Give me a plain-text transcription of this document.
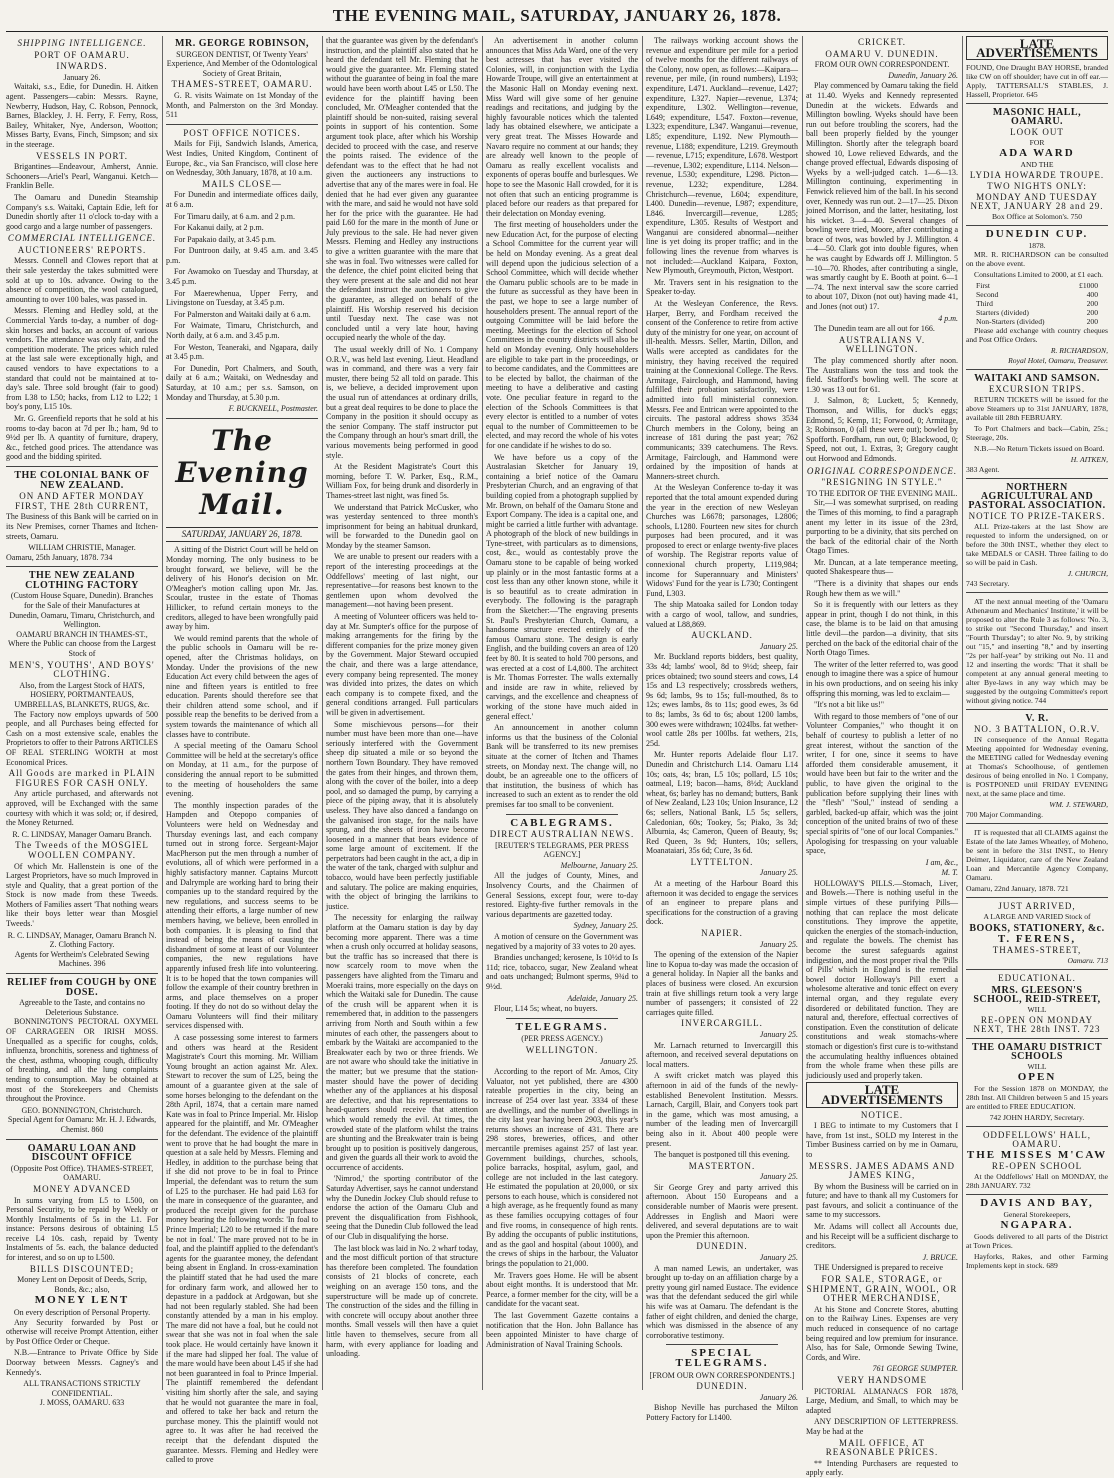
THE EVENING MAIL, SATURDAY, JANUARY 26, 1878.
SHIPPING INTELLIGENCE.
PORT OF OAMARU.
INWARDS.
January 26.

Waitaki, s.s., Edie, for Dunedin. H. Aitken agent. Passengers—cabin: Messrs. Rayne, Newberry, Hudson, Hay, C. Robson, Pennock, Barnes, Blackley, J. H. Ferry, F. Ferry, Ross, Bailey, Whitaker, Nye, Anderson, Wootton; Misses Barty, Evans, Finch, Simpson; and six in the steerage.

VESSELS IN PORT.

Brigantines—Endeavour, Amherst, Annie. Schooners—Ariel's Pearl, Wanganui. Ketch—Franklin Belle.

The Oamaru and Dunedin Steamship Company's s.s. Waitaki, Captain Edie, left for Dunedin shortly after 11 o'clock to-day with a good cargo and a large number of passengers.

COMMERCIAL INTELLIGENCE.
AUCTIONEERS' REPORTS.

Messrs. Connell and Clowes report that at their sale yesterday the takes submitted were sold at up to 10s. advance. Owing to the absence of competition, the wool catalogued, amounting to over 100 bales, was passed in.

Messrs. Fleming and Hedley sold, at the Commercial Yards to-day, a number of dog-skin horses and backs, an account of various vendors. The attendance was only fair, and the competition moderate. The prices which ruled at the last sale were exceptionally high, and caused vendors to have expectations to a standard that could not be maintained at to-day's sale. Three sold brought (fair to good) from L38 to L50; hacks, from L12 to L22; 1 boy's pony, L15 10s.

Mr. G. Greenfield reports that he sold at his rooms to-day bacon at 7d per lb.; ham, 9d to 9½d per lb. A quantity of furniture, drapery, &c., fetched good prices. The attendance was good and the bidding spirited.

THE COLONIAL BANK OF NEW ZEALAND.
ON AND AFTER MONDAY FIRST, THE 28th CURRENT,

The Business of this Bank will be carried on in its New Premises, corner Thames and Itchen-streets, Oamaru.

WILLIAM CHRISTIE, Manager.
Oamaru, 25th January, 1878. 734
THE NEW ZEALAND CLOTHING FACTORY
(Custom House Square, Dunedin). Branches for the Sale of their Manufactures at
Dunedin, Oamaru, Timaru, Christchurch, and Wellington.
OAMARU BRANCH IN THAMES-ST., Where the Public can choose from the Largest Stock of
MEN'S, YOUTHS', AND BOYS' CLOTHING.
Also, from the Largest Stock of HATS, HOSIERY, PORTMANTEAUS, UMBRELLAS, BLANKETS, RUGS, &c.

The Factory now employs upwards of 500 people, and all Purchases being effected for Cash on a most extensive scale, enables the Proprietors to offer to their Patrons ARTICLES OF REAL STERLING WORTH at most Economical Prices.

All Goods are marked in PLAIN FIGURES FOR CASH ONLY.

Any article purchased, and afterwards not approved, will be Exchanged with the same courtesy with which it was sold; or, if desired, the Money Returned.

R. C. LINDSAY, Manager Oamaru Branch.
The Tweeds of the MOSGIEL WOOLLEN COMPANY.

Of which Mr. Hallenstein is one of the Largest Proprietors, have so much Improved in style and Quality, that a great portion of the Stock is now made from these Tweeds. Mothers of Families assert 'That nothing wears like their boys letter wear than Mosgiel Tweeds.'

R. C. LINDSAY, Manager, Oamaru Branch N. Z. Clothing Factory.
Agents for Wertheim's Celebrated Sewing Machines. 396
RELIEF from COUGH by ONE DOSE.
Agreeable to the Taste, and contains no Deleterious Substance.

BONNINGTON'S PECTORAL OXYMEL OF CARRAGEEN OR IRISH MOSS. Unequalled as a specific for coughs, colds, influenza, bronchitis, soreness and tightness of the chest, asthma, whooping cough, difficulty of breathing, and all the lung complaints tending to consumption. May be obtained at most of the Storekeepers and Chemists throughout the Province.

GEO. BONNINGTON, Christchurch.
Special Agent for Oamaru: Mr. H. J. Edwards, Chemist. 860
OAMARU LOAN AND DISCOUNT OFFICE
(Opposite Post Office). THAMES-STREET, OAMARU.
MONEY ADVANCED

In sums varying from L5 to L500, on Personal Security, to be repaid by Weekly or Monthly Instalments of 5s in the L1. For instance: Persons desirous of obtaining L5 receive L4 10s. cash, repaid by Twenty Instalments of 5s. each, the balance deducted for interest, and so on up to L500.

BILLS DISCOUNTED;
Money Lent on Deposit of Deeds, Scrip, Bonds, &c.; also,
MONEY LENT
On every description of Personal Property.

Any Security forwarded by Post or otherwise will receive Prompt Attention, either by Post Office Order or Cheque.

N.B.—Entrance to Private Office by Side Doorway between Messrs. Cagney's and Kennedy's.

ALL TRANSACTIONS STRICTLY CONFIDENTIAL.
J. MOSS, OAMARU. 633
MR. GEORGE ROBINSON,
SURGEON DENTIST, Of Twenty Years' Experience, And Member of the Odontological Society of Great Britain,
THAMES-STREET, OAMARU.

G. R. visits Waimate on 1st Monday of the Month, and Palmerston on the 3rd Monday. 511

POST OFFICE NOTICES.

Mails for Fiji, Sandwich Islands, America, West Indies, United Kingdom, Continent of Europe, &c., via San Francisco, will close here on Wednesday, 30th January, 1878, at 10 a.m.

MAILS CLOSE—

For Dunedin and intermediate offices daily, at 6 a.m.

For Timaru daily, at 6 a.m. and 2 p.m.

For Kakanui daily, at 2 p.m.

For Papakaio daily, at 3.45 p.m.

For Duntroon daily, at 9.45 a.m. and 3.45 p.m.

For Awamoko on Tuesday and Thursday, at 3.45 p.m.

For Maerewhenua, Upper Ferry, and Livingstone on Tuesday, at 3.45 p.m.

For Palmerston and Waitaki daily at 6 a.m.

For Waimate, Timaru, Christchurch, and North daily, at 6 a.m. and 3.45 p.m.

For Weston, Teaneraki, and Ngapara, daily at 3.45 p.m.

For Dunedin, Port Chalmers, and South, daily at 6 a.m.; Waitaki, on Wednesday and Saturday, at 10 a.m.; per s.s. Samson, on Monday and Thursday, at 5.30 p.m.

F. BUCKNELL, Postmaster.
The Evening Mail.
SATURDAY, JANUARY 26, 1878.

A sitting of the District Court will be held on Monday morning. The only business to be brought forward, we believe, will be the delivery of his Honor's decision on Mr. O'Meagher's motion calling upon Mr. Jas. Scoular, trustee in the estate of Thomas Hillicker, to refund certain moneys to the creditors, alleged to have been wrongfully paid away by him.

We would remind parents that the whole of the public schools in Oamaru will be re-opened, after the Christmas holidays, on Monday. Under the provisions of the new Education Act every child between the ages of nine and fifteen years is entitled to free education. Parents should therefore see that their children attend some school, and if possible reap the benefits to be derived from a system towards the maintenance of which all classes have to contribute.

A special meeting of the Oamaru School Committee will be held at the secretary's office on Monday, at 11 a.m., for the purpose of considering the annual report to be submitted to the meeting of householders the same evening.

The monthly inspection parades of the Hampden and Otepopo companies of Volunteers were held on Wednesday and Thursday evenings last, and each company turned out in strong force. Sergeant-Major MacPherson put the men through a number of evolutions, all of which were performed in a highly satisfactory manner. Captains Murcott and Dalrymple are working hard to bring their companies up to the standard required by the new regulations, and success seems to be attending their efforts, a large number of new members having, we believe, been enrolled in both companies. It is pleasing to find that instead of being the means of causing the disbandment of some at least of our Volunteer companies, the new regulations have apparently infused fresh life into volunteering. It is to be hoped that the town companies will follow the example of their country brethren in arms, and place themselves on a proper footing. If they do not do so without delay the Oamaru Volunteers will find their military services dispensed with.

A case possessing some interest to farmers and others was heard at the Resident Magistrate's Court this morning. Mr. William Young brought an action against Mr. Alex. Stewart to recover the sum of L25, being the amount of a guarantee given at the sale of some horses belonging to the defendant on the 28th April, 1874, that a certain mare named Kate was in foal to Prince Imperial. Mr. Hislop appeared for the plaintiff, and Mr. O'Meagher for the defendant. The evidence of the plaintiff went to prove that he had bought the mare in question at a sale held by Messrs. Fleming and Hedley, in addition to the purchase being that if she did not prove to be in foal to Prince Imperial, the defendant was to return the sum of L25 to the purchaser. He had paid L63 for the mare in consequence of the guarantee, and produced the receipt given for the purchase money bearing the following words: 'In foal to Prince Imperial; L20 to be returned if the mare be not in foal.' The mare proved not to be in foal, and the plaintiff applied to the defendant's agents for the guarantee money, the defendant being absent in England. In cross-examination the plaintiff stated that he had used the mare for ordinary farm work, and allowed her to depasture in a paddock at Ardgowan, but she had not been regularly stabled. She had been constantly attended by a man in his employ. The mare did not have a foal, but he could not swear that she was not in foal when the sale took place. He would certainly have known it if the mare had slipped her foal. The value of the mare would have been about L45 if she had not been guaranteed in foal to Prince Imperial. The plaintiff remembered the defendant visiting him shortly after the sale, and saying that he would not guarantee the mare in foal, and offered to take her back and return the purchase money. This the plaintiff would not agree to. It was after he had received the receipt that the defendant disputed the guarantee. Messrs. Fleming and Hedley were called to prove

that the guarantee was given by the defendant's instruction, and the plaintiff also stated that he heard the defendant tell Mr. Fleming that he would give the guarantee. Mr. Fleming stated without the guarantee of being in foal the mare would have been worth about L45 or L50. The evidence for the plaintiff having been concluded, Mr. O'Meagher contended that the plaintiff should be non-suited, raising several points in support of his contention. Some argument took place, after which his Worship decided to proceed with the case, and reserve the points raised. The evidence of the defendant was to the effect that he had not given the auctioneers any instructions to advertise that any of the mares were in foal. He denied that he had ever given any guarantee with the mare, and said he would not have sold her for the price with the guarantee. He had paid L60 for the mare in the month of June or July previous to the sale. He had never given Messrs. Fleming and Hedley any instructions to give a written guarantee with the mare that she was in foal. Two witnesses were called for the defence, the chief point elicited being that they were present at the sale and did not hear the defendant instruct the auctioneers to give the guarantee, as alleged on behalf of the plaintiff. His Worship reserved his decision until Tuesday next. The case was not concluded until a very late hour, having occupied nearly the whole of the day.

The usual weekly drill of No. 1 Company O.R.V., was held last evening. Lieut. Headland was in command, and there was a very fair muster, there being 52 all told on parade. This is, we believe, a decided improvement upon the usual run of attendances at ordinary drills, but a great deal requires to be done to place the Company in the position it should occupy as the senior Company. The staff instructor put the Company through an hour's smart drill, the various movements being performed in good style.

At the Resident Magistrate's Court this morning, before T. W. Parker, Esq., R.M., William Fox, for being drunk and disorderly in Thames-street last night, was fined 5s.

We understand that Patrick McCusker, who was yesterday sentenced to three month's imprisonment for being an habitual drunkard, will be forwarded to the Dunedin gaol on Monday by the steamer Samson.

We are unable to present our readers with a report of the interesting proceedings at the Oddfellows' meeting of last night, our representative—for reasons best known to the gentlemen upon whom devolved the management—not having been present.

A meeting of Volunteer officers was held to-day at Mr. Sumpter's office for the purpose of making arrangements for the firing by the different companies for the prize money given by the Government. Major Steward occupied the chair, and there was a large attendance, every company being represented. The money was divided into prizes, the dates on which each company is to compete fixed, and the general conditions arranged. Full particulars will be given in advertisement.

Some mischievous persons—for their number must have been more than one—have seriously interfered with the Government sheep dip situated a mile or so beyond the northern Town Boundary. They have removed the gates from their hinges, and thrown them, along with the cover of the boiler, into a deep pool, and so damaged the pump, by carrying a piece of the piping away, that it is absolutely useless. They have also danced a fandango on the galvanised iron stage, for the nails have sprung, and the sheets of iron have become loosened in a manner that bears evidence of some large amount of excitement. If the perpetrators had been caught in the act, a dip in the water of the tank, charged with sulphur and tobacco, would have been perfectly justifiable and salutary. The police are making enquiries, with the object of bringing the larrikins to justice.

The necessity for enlarging the railway platform at the Oamaru station is day by day becoming more apparent. There was a time when a crush only occurred at holiday seasons, but the traffic has so increased that there is now scarcely room to move when the passengers have alighted from the Timaru and Moeraki trains, more especially on the days on which the Waitaki sale for Dunedin. The cause of the crush will be apparent when it is remembered that, in addition to the passengers arriving from North and South within a few minutes of each other, the passengers about to embark by the Waitaki are accompanied to the Breakwater each by two or three friends. We are not aware who should take the initiative in the matter; but we presume that the station-master should have the power of deciding whether any of the appliances at his disposal are defective, and that his representations to head-quarters should receive that attention which would remedy the evil. At times, the crowded state of the platform whilst the trains are shunting and the Breakwater train is being brought up to position is positively dangerous, and given the guards all their work to avoid the occurrence of accidents.

'Nimrod,' the sporting contributor of the Saturday Advertiser, says he cannot understand why the Dunedin Jockey Club should refuse to endorse the action of the Oamaru Club and prevent the disqualification from Fishhook, seeing that the Dunedin Club followed the lead of our Club in disqualifying the horse.

The last block was laid in No. 2 wharf today, and the most difficult portion of that structure has therefore been completed. The foundation consists of 21 blocks of concrete, each weighing on an average 150 tons, and the superstructure will be made up of concrete. The construction of the sides and the filling in with concrete will occupy about another three months. Small vessels will then have a quiet little haven to themselves, secure from all harm, with every appliance for loading and unloading.

An advertisement in another column announces that Miss Ada Ward, one of the very best actresses that has ever visited the Colonies, will, in conjunction with the Lydia Howarde Troupe, will give an entertainment at the Masonic Hall on Monday evening next. Miss Ward will give some of her genuine readings and recitations, and judging by the highly favourable notices which the talented lady has obtained elsewhere, we anticipate a very great treat. The Misses Howarde and Navaro require no comment at our hands; they are already well known to the people of Oamaru as really excellent vocalists and exponents of operas bouffe and burlesques. We hope to see the Masonic Hall crowded, for it is not often that such an enticing programme is placed before our readers as that prepared for their delectation on Monday evening.

The first meeting of householders under the new Education Act, for the purpose of electing a School Committee for the current year will be held on Monday evening. As a great deal will depend upon the judicious selection of a School Committee, which will decide whether the Oamaru public schools are to be made in the future as successful as they have been in the past, we hope to see a large number of householders present. The annual report of the outgoing Committee will be laid before the meeting. Meetings for the election of School Committees in the country districts will also be held on Monday evening. Only householders are eligible to take part in the proceedings, or to become candidates, and the Committees are to be elected by ballot, the chairman of the meeting to have a deliberative and casting vote. One peculiar feature in regard to the election of the Schools Committees is that every elector is entitled to a number of votes equal to the number of Committeemen to be elected, and may record the whole of his votes for one candidate if he wishes to do so.

We have before us a copy of the Australasian Sketcher for January 19, containing a brief notice of the Oamaru Presbyterian Church, and an engraving of that building copied from a photograph supplied by Mr. Brown, on behalf of the Oamaru Stone and Export Company. The idea is a capital one, and might be carried a little further with advantage. A photograph of the block of new buildings in Tyne-street, with particulars as to dimensions, cost, &c., would as contestably prove the Oamaru stone to be capable of being worked up plainly or in the most fantastic forms at a cost less than any other known stone, while it is so beautiful as to create admiration in everybody. The following is the paragraph from the Sketcher:—'The engraving presents St. Paul's Presbyterian Church, Oamaru, a handsome structure erected entirely of the famous Oamaru stone. The design is early English, and the building covers an area of 120 feet by 80. It is seated to hold 700 persons, and was erected at a cost of L4,800. The architect is Mr. Thomas Forrester. The walls externally and inside are raw in white, relieved by carvings, and the excellence and cheapness of working of the stone have much aided in general effect.'

An announcement in another column informs us that the business of the Colonial Bank will be transferred to its new premises situate at the corner of Itchen and Thames streets, on Monday next. The change will, no doubt, be an agreeable one to the officers of that institution, the business of which has increased to such an extent as to render the old premises far too small to be convenient.

CABLEGRAMS.
DIRECT AUSTRALIAN NEWS.
[REUTER'S TELEGRAMS, PER PRESS AGENCY.]
Melbourne, January 25.

All the judges of County, Mines, and Insolvency Courts, and the Chairmen of General Sessions, except four, were to-day restored. Eighty-five further removals in the various departments are gazetted today.

Sydney, January 25.

A motion of censure on the Government was negatived by a majority of 33 votes to 20 ayes.

Brandies unchanged; kerosene, Is 10½d to Is 11d; rice, tobacco, sugar, New Zealand wheat and oats unchanged; Bulmont sperms, 9¾d to 9½d.

Adelaide, January 25.

Flour, L14 5s; wheat, no buyers.

TELEGRAMS.
(PER PRESS AGENCY.)
WELLINGTON.
January 25.

According to the report of Mr. Amos, City Valuator, not yet published, there are 4300 rateable properties in the city, being an increase of 254 over last year. 3334 of these are dwellings, and the number of dwellings in the city last year having been 2903, this year's returns shows an increase of 431. There are 298 stores, breweries, offices, and other mercantile premises against 257 of last year. Government buildings, churches, schools, police barracks, hospital, asylum, gaol, and college are not included in the last category. He estimated the population at 20,000, or six persons to each house, which is considered not a high average, as he frequently found as many as these families occupying cottages of four and five rooms, in consequence of high rents. By adding the occupants of public institutions, and as the gaol and hospital (about 1000), and the crews of ships in the harbour, the Valuator brings the population to 21,000.

Mr. Travers goes Home. He will be absent about eight months. It is understood that Mr. Pearce, a former member for the city, will be a candidate for the vacant seat.

The last Government Gazette contains a notification that the Hon. John Ballance has been appointed Minister to have charge of Administration of Naval Training Schools.

The railways working account shows the revenue and expenditure per mile for a period of twelve months for the different railways of the Colony, now open, as follows:—Kaipara—revenue, per mile, (in round numbers), L193; expenditure, L471. Auckland—revenue, L427; expenditure, L327. Napier—revenue, L374; expenditure, L302. Wellington—revenue, L649; expenditure, L547. Foxton—revenue, L323; expenditure, L347. Wanganui—revenue, L85; expenditure, L192. New Plymouth—revenue, L188; expenditure, L219. Greymouth — revenue, L715; expenditure, L678. Westport—revenue, L302; expenditure, L114. Nelson—revenue, L530; expenditure, L298. Picton—revenue, L232; expenditure, L284. Christchurch—revenue, L604; expenditure, L400. Dunedin—revenue, L987; expenditure, L846. Invercargill—revenue, L285; expenditure, L305. Results of Westport and Wanganui are considered abnormal—neither line is yet doing its proper traffic; and in the following lines the revenue from wharves is not included:—Auckland Kaipara, Foxton, New Plymouth, Greymouth, Picton, Westport.

Mr. Travers sent in his resignation to the Speaker to-day.

At the Wesleyan Conference, the Revs. Harper, Berry, and Fordham received the consent of the Conference to retire from active duty of the ministry for one year, on account of ill-health. Messrs. Seller, Martin, Dillon, and Walls were accepted as candidates for the ministry, they having received the required training at the Connexional College. The Revs. Armitage, Fairclough, and Hammond, having fulfilled their probation satisfactorily, were admitted into full ministerial connexion. Messrs. Fee and Entrican were appointed to the circuits. The pastoral address shows 3534 Church members in the Colony, being an increase of 181 during the past year; 762 communicants; 339 catechumens. The Revs. Armitage, Fairclough, and Hammond were ordained by the imposition of hands at Manners-street church.

At the Wesleyan Conference to-day it was reported that the total amount expended during the year in the erection of new Wesleyan Churches was L6678; parsonages, L2806; schools, L1280. Fourteen new sites for church purposes had been procured, and it was proposed to erect or enlarge twenty-five places of worship. The Registrar reports value of connexional church property, L119,984; income for Superannuary and Ministers' Widows' Fund for the year is L730; Contingent Fund, L303.

The ship Matoaka sailed for London today with a cargo of wool, tallow, and sundries, valued at L88,869.

AUCKLAND.
January 25.

Mr. Buckland reports bidders, best quality, 33s 4d; lambs' wool, 8d to 9½d; sheep, fair prices obtained; two sound steers and cows, L4 15s and L3 respectively; crossbreds wethers, 9s 6d; lambs, 9s to 15s; full-mouthed, 8s to 12s; ewes lambs, 8s to 11s; good ewes, 3s 6d to 8s; lambs, 3s 6d to 6s; about 1200 lambs, 300 ewes were withdrawn; 1024lbs. fat wether-wool cattle 28s per 100lbs. fat wethers, 21s, 25d.

Mr. Hunter reports Adelaide flour L17. Dunedin and Christchurch L14. Oamaru L14 10s; oats, 4s; bran, L5 10s; pollard, L5 10s; oatmeal, L19; bacon—hams, 8½d; Auckland wheat, 6s; barley has no demand; butters, Bank of New Zealand, L23 10s; Union Insurance, L2 6s; sellers, National Bank, L5 5s; sellers, Caledonian, 60s; Tookey, 5s; Piako, 3s 3d; Alburnia, 4s; Cameron, Queen of Beauty, 9s; Red Queen, 3s 9d; Hunters, 10s; sellers, Moanataiari, 35s 6d; Cure, 3s 6d.

LYTTELTON.
January 25.

At a meeting of the Harbour Board this afternoon it was decided to engage the services of an engineer to prepare plans and specifications for the construction of a graving dock.

NAPIER.
January 25.

The opening of the extension of the Napier line to Kopua to-day was made the occasion of a general holiday. In Napier all the banks and places of business were closed. An excursion train at five shillings return took a very large number of passengers; it consisted of 22 carriages quite filled.

INVERCARGILL.
January 25.

Mr. Larnach returned to Invercargill this afternoon, and received several deputations on local matters.

A swift cricket match was played this afternoon in aid of the funds of the newly-established Benevolent Institution. Messrs. Larnach, Cargill, Blair, and Conyers took part in the game, which was most amusing, a number of the leading men of Invercargill being also in it. About 400 people were present.

The banquet is postponed till this evening.

MASTERTON.
January 25.

Sir George Grey and party arrived this afternoon. About 150 Europeans and a considerable number of Maoris were present. Addresses in English and Maori were delivered, and several deputations are to wait upon the Premier this afternoon.

DUNEDIN.
January 25.

A man named Lewis, an undertaker, was brought up to-day on an affiliation charge by a pretty young girl named Eustace. The evidence was that the defendant seduced the girl while his wife was at Oamaru. The defendant is the father of eight children, and denied the charge, which was dismissed in the absence of any corroborative testimony.

SPECIAL TELEGRAMS.
[FROM OUR OWN CORRESPONDENTS.]
DUNEDIN.
January 26.

Bishop Neville has purchased the Milton Pottery Factory for L1400.

LATE ADVERTISEMENTS

FOUND, One Draught BAY HORSE, branded like CW on off shoulder; have cut in off ear.—Apply, TATTERSALL'S STABLES, J. Hassell, Proprietor. 645

MASONIC HALL, OAMARU.
LOOK OUT
FOR
ADA WARD
AND THE
LYDIA HOWARDE TROUPE.
TWO NIGHTS ONLY:
MONDAY AND TUESDAY NEXT, JANUARY 28 and 29.
Box Office at Solomon's. 750
DUNEDIN CUP.
1878.

MR. R. RICHARDSON can be consulted on the above event.

Consultations Limited to 2000, at £1 each.

First	£1000
Second	400
Third	200
Starters (divided)	200
Non-Starters (divided)	200

Please add exchange with country cheques and Post Office Orders.

R. RICHARDSON,
Royal Hotel, Oamaru, Treasurer.
WAITAKI AND SAMSON.
EXCURSION TRIPS.

RETURN TICKETS will be issued for the above Steamers up to 31st JANUARY, 1878, available till 28th FEBRUARY.

To Port Chalmers and back—Cabin, 25s.; Steerage, 20s.

N.B.—No Return Tickets issued on Board.

H. AITKEN,
383 Agent.
NORTHERN AGRICULTURAL AND PASTORAL ASSOCIATION.
NOTICE TO PRIZE-TAKERS.

ALL Prize-takers at the last Show are requested to inform the undersigned, on or before the 30th INST., whether they elect to take MEDALS or CASH. Three failing to do so will be paid in Cash.

J. CHURCH,
743 Secretary.

AT the next annual meeting of the 'Oamaru Athenæum and Mechanics' Institute,' it will be proposed to alter the Rule 3 as follows: 'No. 3, to strike out "Second Thursday," and insert "Fourth Thursday"; to alter No. 9, by striking out "15," and inserting "8," and by inserting "2s per half-year" by striking out No. 11 and 12 and inserting the words: 'That it shall be competent at any annual general meeting to alter Bye-laws in any way which may be suggested by the outgoing Committee's report without giving notice. 744

V. R.
NO. 3 BATTALION, O.R.V.

IN consequence of the Annual Regatta Meeting appointed for Wednesday evening, the MEETING called for Wednesday evening at Thomas's Schoolhouse, of gentlemen desirous of being enrolled in No. 1 Company, is POSTPONED until FRIDAY EVENING next, at the same place and time.

WM. J. STEWARD,
700 Major Commanding.

IT is requested that all CLAIMS against the Estate of the late James Wheatley, of Moheno, be sent in before the 31st INST., to Henry Deimer, Liquidator, care of the New Zealand Loan and Mercantile Agency Company, Oamaru.

Oamaru, 22nd January, 1878. 721
JUST ARRIVED,
A LARGE AND VARIED Stock of
BOOKS, STATIONERY, &c.
T. FERENS,
THAMES-STREET,
Oamaru. 713
EDUCATIONAL.
MRS. GLEESON'S SCHOOL, REID-STREET,
WILL
RE-OPEN ON MONDAY NEXT, THE 28th INST. 723
THE OAMARU DISTRICT SCHOOLS
WILL
OPEN

For the Session 1878 on MONDAY, the 28th Inst. All Children between 5 and 15 years are entitled to FREE EDUCATION.

742 JOHN HARDY, Secretary.
ODDFELLOWS' HALL, OAMARU.
THE MISSES M'CAW
RE-OPEN SCHOOL

At the Oddfellows' Hall on MONDAY, the 28th JANUARY. 732

DAVIS AND BAY,
General Storekeepers,
NGAPARA.

Goods delivered to all parts of the District at Town Prices.

Hayforks, Rakes, and other Farming Implements kept in stock. 689

CRICKET.
OAMARU V. DUNEDIN.
FROM OUR OWN CORRESPONDENT.
Dunedin, January 26.

Play commenced by Oamaru taking the field at 11.40. Wyeks and Kennedy represented Dunedin at the wickets. Edwards and Millington bowling. Wyeks should have been run out before troubling the scorers, had the ball been properly fielded by the younger Millington. Shortly after the telegraph board showed 10, Lowe relieved Edwards, and the change proved effectual, Edwards disposing of Wyeks by a well-judged catch. 1—6—13. Millington continuing, experimenting in Fenwick relieved him of the ball. In his second over, Kennedy was run out. 2—17—25. Dixon joined Morrison, and the latter, hesitating, lost his wicket. 3—4—40. Several changes of bowling were tried, Moore, after contributing a brace of twos, was bowled by J. Millington. 4—4—50. Clark got into double figures, when he was caught by Edwards off J. Millington. 5—10—70. Rhodes, after contributing a single, was smartly caught by E. Booth at point. 6—1—74. The next interval saw the score carried to about 107, Dixon (not out) having made 41, and Jones (not out) 17.

4 p.m.

The Dunedin team are all out for 166.

AUSTRALIANS V. WELLINGTON.

The play commenced shortly after noon. The Australians won the toss and took the field. Stafford's bowling well. The score at 1.30 was 13 out for 61.

J. Salmon, 8; Luckett, 5; Kennedy, Thomson, and Willis, for duck's eggs; Edmond, 5; Kemp, 11; Forwood, 0; Armitage, 3; Robinson, 0 (all these were out); bowled by Spofforth. Fordham, run out, 0; Blackwood, 0; Speed, not out, 1. Extras, 3; Gregory caught out Horwood and Edmonds.

ORIGINAL CORRESPONDENCE.
"RESIGNING IN STYLE."
TO THE EDITOR OF THE EVENING MAIL.

Sir,—I was somewhat surprised, on reading the Times of this morning, to find a paragraph anent my letter in its issue of the 23rd, purporting to be a divinity, that sits perched on the back of the editorial chair of the North Otago Times.

Mr. Duncan, at a late temperance meeting, quoted Shakespeare thus—

"There is a divinity that shapes our ends Rough hew them as we will."

So it is frequently with our letters as they appear in print, though I do not think, in this case, the blame is to be laid on that amusing little devil—the pardon—a divinity, that sits perched on the back of the editorial chair of the North Otago Times.

The writer of the letter referred to, was good enough to imagine there was a spice of humour in his own productions, and on seeing his inky offspring this morning, was led to exclaim—

"It's not a bit like us!"

With regard to those members of "one of our Volunteer Companies," who thought it on behalf of courtesy to publish a letter of no great interest, without the sanction of the writer, I for one, since it seems to have afforded them considerable amusement, it would have been but fair to the writer and the public, to have given the original to the publication before supplying their lines with the "flesh" "Soul," instead of sending a garbled, backed-up affair, which was the joint conception of the united brains of two of these special spirits of "one of our local Companies." Apologising for trespassing on your valuable space,

I am, &c.,
M. T.

HOLLOWAY'S PILLS.—Stomach, Liver, and Bowels.—There is nothing useful in the simple virtues of these purifying Pills—nothing that can replace the most delicate constitutions. They improve the appetite, quicken the energies of the stomach-induction, and regulate the bowels. The chemist has become the surest safeguards against indigestion, and the most proper rival the 'Pills of Pills' which in England is the remedial bowel doctor Holloway's Pill exert a wholesome alterative and tonic effect on every internal organ, and they regulate every disordered or debilitated function. They are natural and, therefore, effectual correctives of constipation. Even the constitution of delicate constitutions and weak stomachs-where stomach or digestion's first cure is to-withstand the accumulating healthy influences obtained from the whole frame when these pills are judiciously used and properly taken.

LATE ADVERTISEMENTS
NOTICE.

I BEG to intimate to my Customers that I have, from 1st inst., SOLD my Interest in the Timber Business carried on by me in Oamaru, to

MESSRS. JAMES ADAMS AND JAMES KING,

By whom the Business will be carried on in future; and have to thank all my Customers for past favours, and solicit a continuance of the same to my successors.

Mr. Adams will collect all Accounts due, and his Receipt will be a sufficient discharge to creditors.

J. BRUCE.

THE Undersigned is prepared to receive

FOR SALE, STORAGE, or SHIPMENT, GRAIN, WOOL, OR OTHER MERCHANDISE,

At his Stone and Concrete Stores, abutting on to the Railway Lines. Expenses are very much reduced in consequence of no cartage being required and low premium for insurance. Also, has for Sale, Ormonde Sewing Twine, Cords, and Wire.

761 GEORGE SUMPTER.
VERY HANDSOME

PICTORIAL ALMANACS FOR 1878, Large, Medium, and Small, to which may be adapted

ANY DESCRIPTION OF LETTERPRESS. May be had at the

MAIL OFFICE, AT REASONABLE PRICES.

** Intending Purchasers are requested to apply early.
